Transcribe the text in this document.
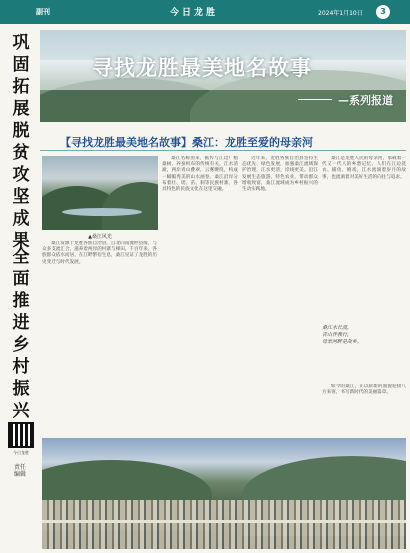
副刊	今日龙胜	2024年1月10日	3
巩固拓展脱贫攻坚成果
全面推进乡村振兴
今日龙胜
责任编辑
寻找龙胜最美地名故事
—系列报道
【寻找龙胜最美地名故事】桑江：龙胜至爱的母亲河
▲桑江风光

桑江发源于龙胜各族自治县，自北向南流经县境，与众多支流汇合，滋养着两岸的村寨与梯田。千百年来，各族群众依水而居，在江畔繁衍生息，桑江见证了龙胜的历史变迁与时代发展。

桑江名称由来，据传与江边广植桑树、养蚕织布的传统有关。江水清澈，两岸青山叠翠，云雾缭绕，构成一幅幅秀美的山水画卷。桑江沿岸分布着壮、瑶、苗、侗等民族村寨，各具特色的民族文化在这里交融。

近年来，龙胜各族自治县坚持生态优先、绿色发展，加强桑江流域保护治理，江水更清，岸线更美。沿江发展生态旅游、特色农业，带动群众增收致富，桑江流域成为乡村振兴的生动实践地。

桑江是龙胜人民的母亲河，承载着一代又一代人的乡愁记忆。人们在江边洗衣、捕鱼、嬉戏，江水流淌着岁月的故事，也流淌着对美好生活的向往与追求。

桑江水长流，
青山伴我行，
母亲河畔是故乡。

如今的桑江，正以崭新的面貌迎接八方来客，书写新时代的美丽篇章。
